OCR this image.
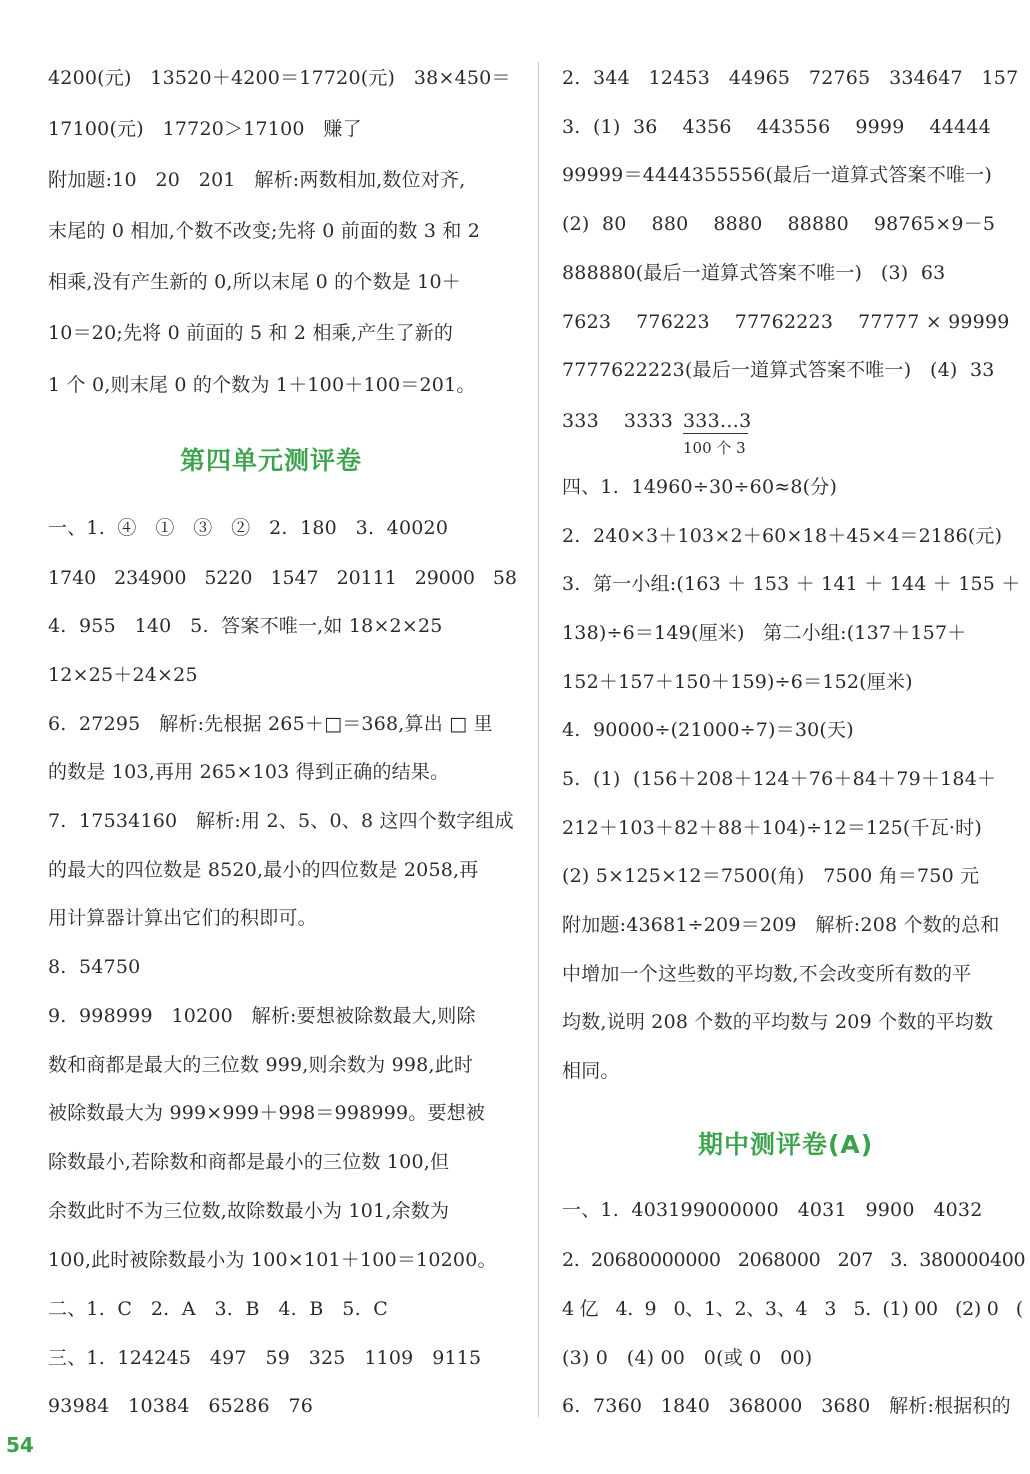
4200(元)   13520＋4200＝17720(元)   38×450＝
17100(元)   17720＞17100   赚了
附加题:10   20   201   解析:两数相加,数位对齐,
末尾的 0 相加,个数不改变;先将 0 前面的数 3 和 2
相乘,没有产生新的 0,所以末尾 0 的个数是 10＋
10＝20;先将 0 前面的 5 和 2 相乘,产生了新的
1 个 0,则末尾 0 的个数为 1＋100＋100＝201。
第四单元测评卷
一、1.  ④   ①   ③   ②   2.  180   3.  40020
1740   234900   5220   1547   20111   29000   58
4.  955   140   5.  答案不唯一,如 18×2×25
12×25＋24×25
6.  27295   解析:先根据 265＋□＝368,算出 □ 里
的数是 103,再用 265×103 得到正确的结果。
7.  17534160   解析:用 2、5、0、8 这四个数字组成
的最大的四位数是 8520,最小的四位数是 2058,再
用计算器计算出它们的积即可。
8.  54750
9.  998999   10200   解析:要想被除数最大,则除
数和商都是最大的三位数 999,则余数为 998,此时
被除数最大为 999×999＋998＝998999。要想被
除数最小,若除数和商都是最小的三位数 100,但
余数此时不为三位数,故除数最小为 101,余数为
100,此时被除数最小为 100×101＋100＝10200。
二、1.  C   2.  A   3.  B   4.  B   5.  C
三、1.  124245   497   59   325   1109   9115
93984   10384   65286   76
2.  344   12453   44965   72765   334647   157
3.  (1)  36    4356    443556    9999    44444
99999＝4444355556(最后一道算式答案不唯一)
(2)  80    880    8880    88880    98765×9－5
888880(最后一道算式答案不唯一)   (3)  63
7623    776223    77762223    77777 × 99999
7777622223(最后一道算式答案不唯一)   (4)  33
333    3333 333…3
100 个 3
四、1.  14960÷30÷60≈8(分)
2.  240×3＋103×2＋60×18＋45×4＝2186(元)
3.  第一小组:(163 ＋ 153 ＋ 141 ＋ 144 ＋ 155 ＋
138)÷6＝149(厘米)   第二小组:(137＋157＋
152＋157＋150＋159)÷6＝152(厘米)
4.  90000÷(21000÷7)＝30(天)
5.  (1)  (156＋208＋124＋76＋84＋79＋184＋
212＋103＋82＋88＋104)÷12＝125(千瓦·时)
(2) 5×125×12＝7500(角)   7500 角＝750 元
附加题:43681÷209＝209   解析:208 个数的总和
中增加一个这些数的平均数,不会改变所有数的平
均数,说明 208 个数的平均数与 209 个数的平均数
相同。
期中测评卷(A)
一、1.  403199000000   4031   9900   4032
2.  20680000000   2068000   207   3.  380000400
4 亿   4.  9   0、1、2、3、4   3   5.  (1) 00   (2) 0   (
(3) 0   (4) 00   0(或 0   00)
6.  7360   1840   368000   3680   解析:根据积的
54
